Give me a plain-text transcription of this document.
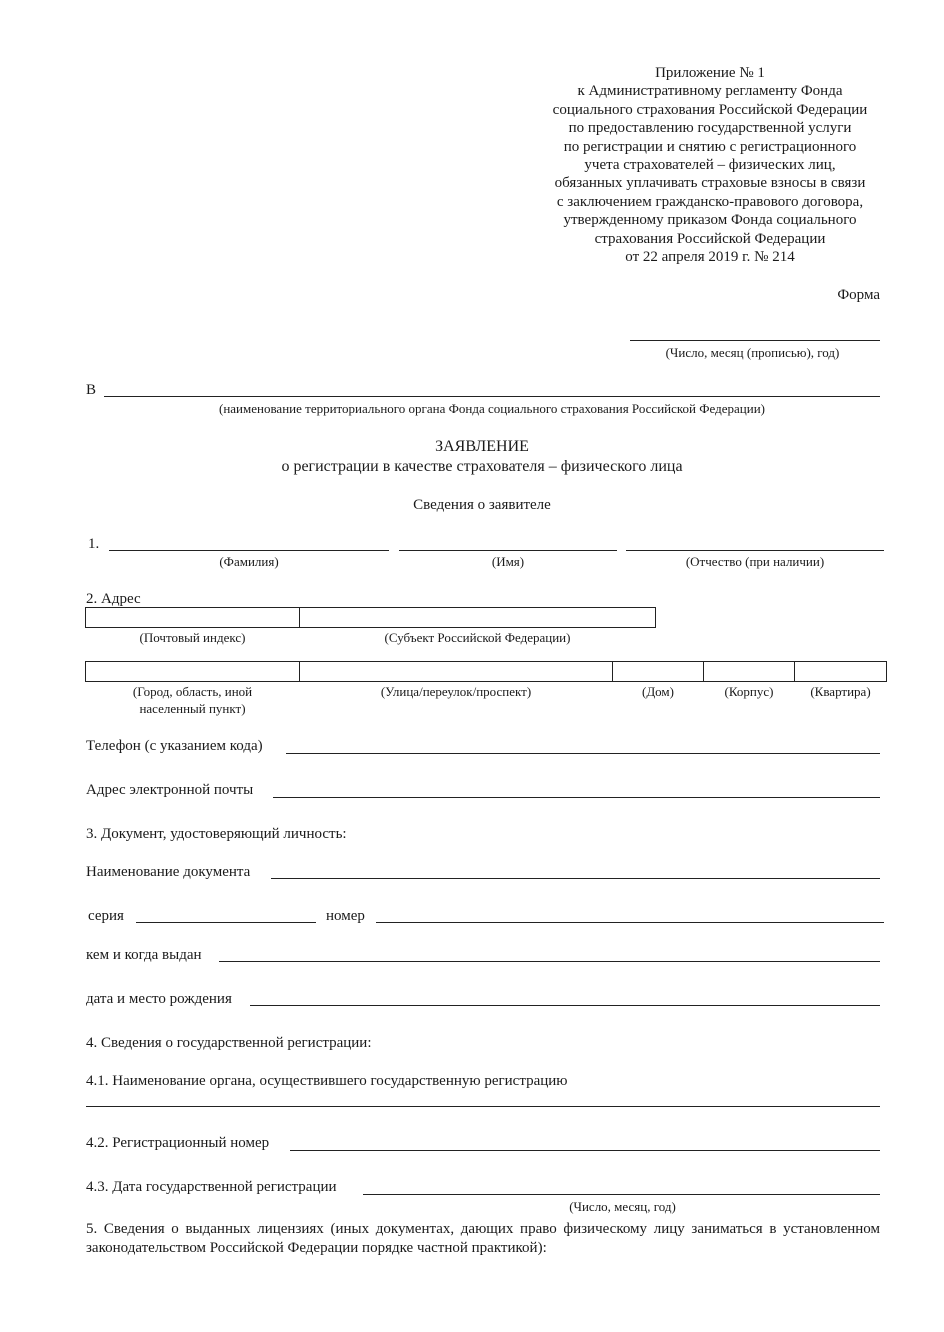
Приложение № 1
к Административному регламенту Фонда
социального страхования Российской Федерации
по предоставлению государственной услуги
по регистрации и снятию с регистрационного
учета страхователей – физических лиц,
обязанных уплачивать страховые взносы в связи
с заключением гражданско-правового договора,
утвержденному приказом Фонда социального
страхования Российской Федерации
от 22 апреля 2019 г. № 214
Форма
(Число, месяц (прописью), год)
В
(наименование территориального органа Фонда социального страхования Российской Федерации)
ЗАЯВЛЕНИЕ
о регистрации в качестве страхователя – физического лица
Сведения о заявителе
1.
(Фамилия)	(Имя)	(Отчество (при наличии)
2. Адрес
(Почтовый индекс)	(Субъект Российской Федерации)
(Город, область, иной
населенный пункт)
(Улица/переулок/проспект)	(Дом)	(Корпус)	(Квартира)
Телефон (с указанием кода)
Адрес электронной почты
3. Документ, удостоверяющий личность:
Наименование документа
серия	номер
кем и когда выдан
дата и место рождения
4. Сведения о государственной регистрации:
4.1. Наименование органа, осуществившего государственную регистрацию
4.2. Регистрационный номер
4.3. Дата государственной регистрации
(Число, месяц, год)
5. Сведения о выданных лицензиях (иных документах, дающих право физическому лицу заниматься в установленном законодательством Российской Федерации порядке частной практикой):
